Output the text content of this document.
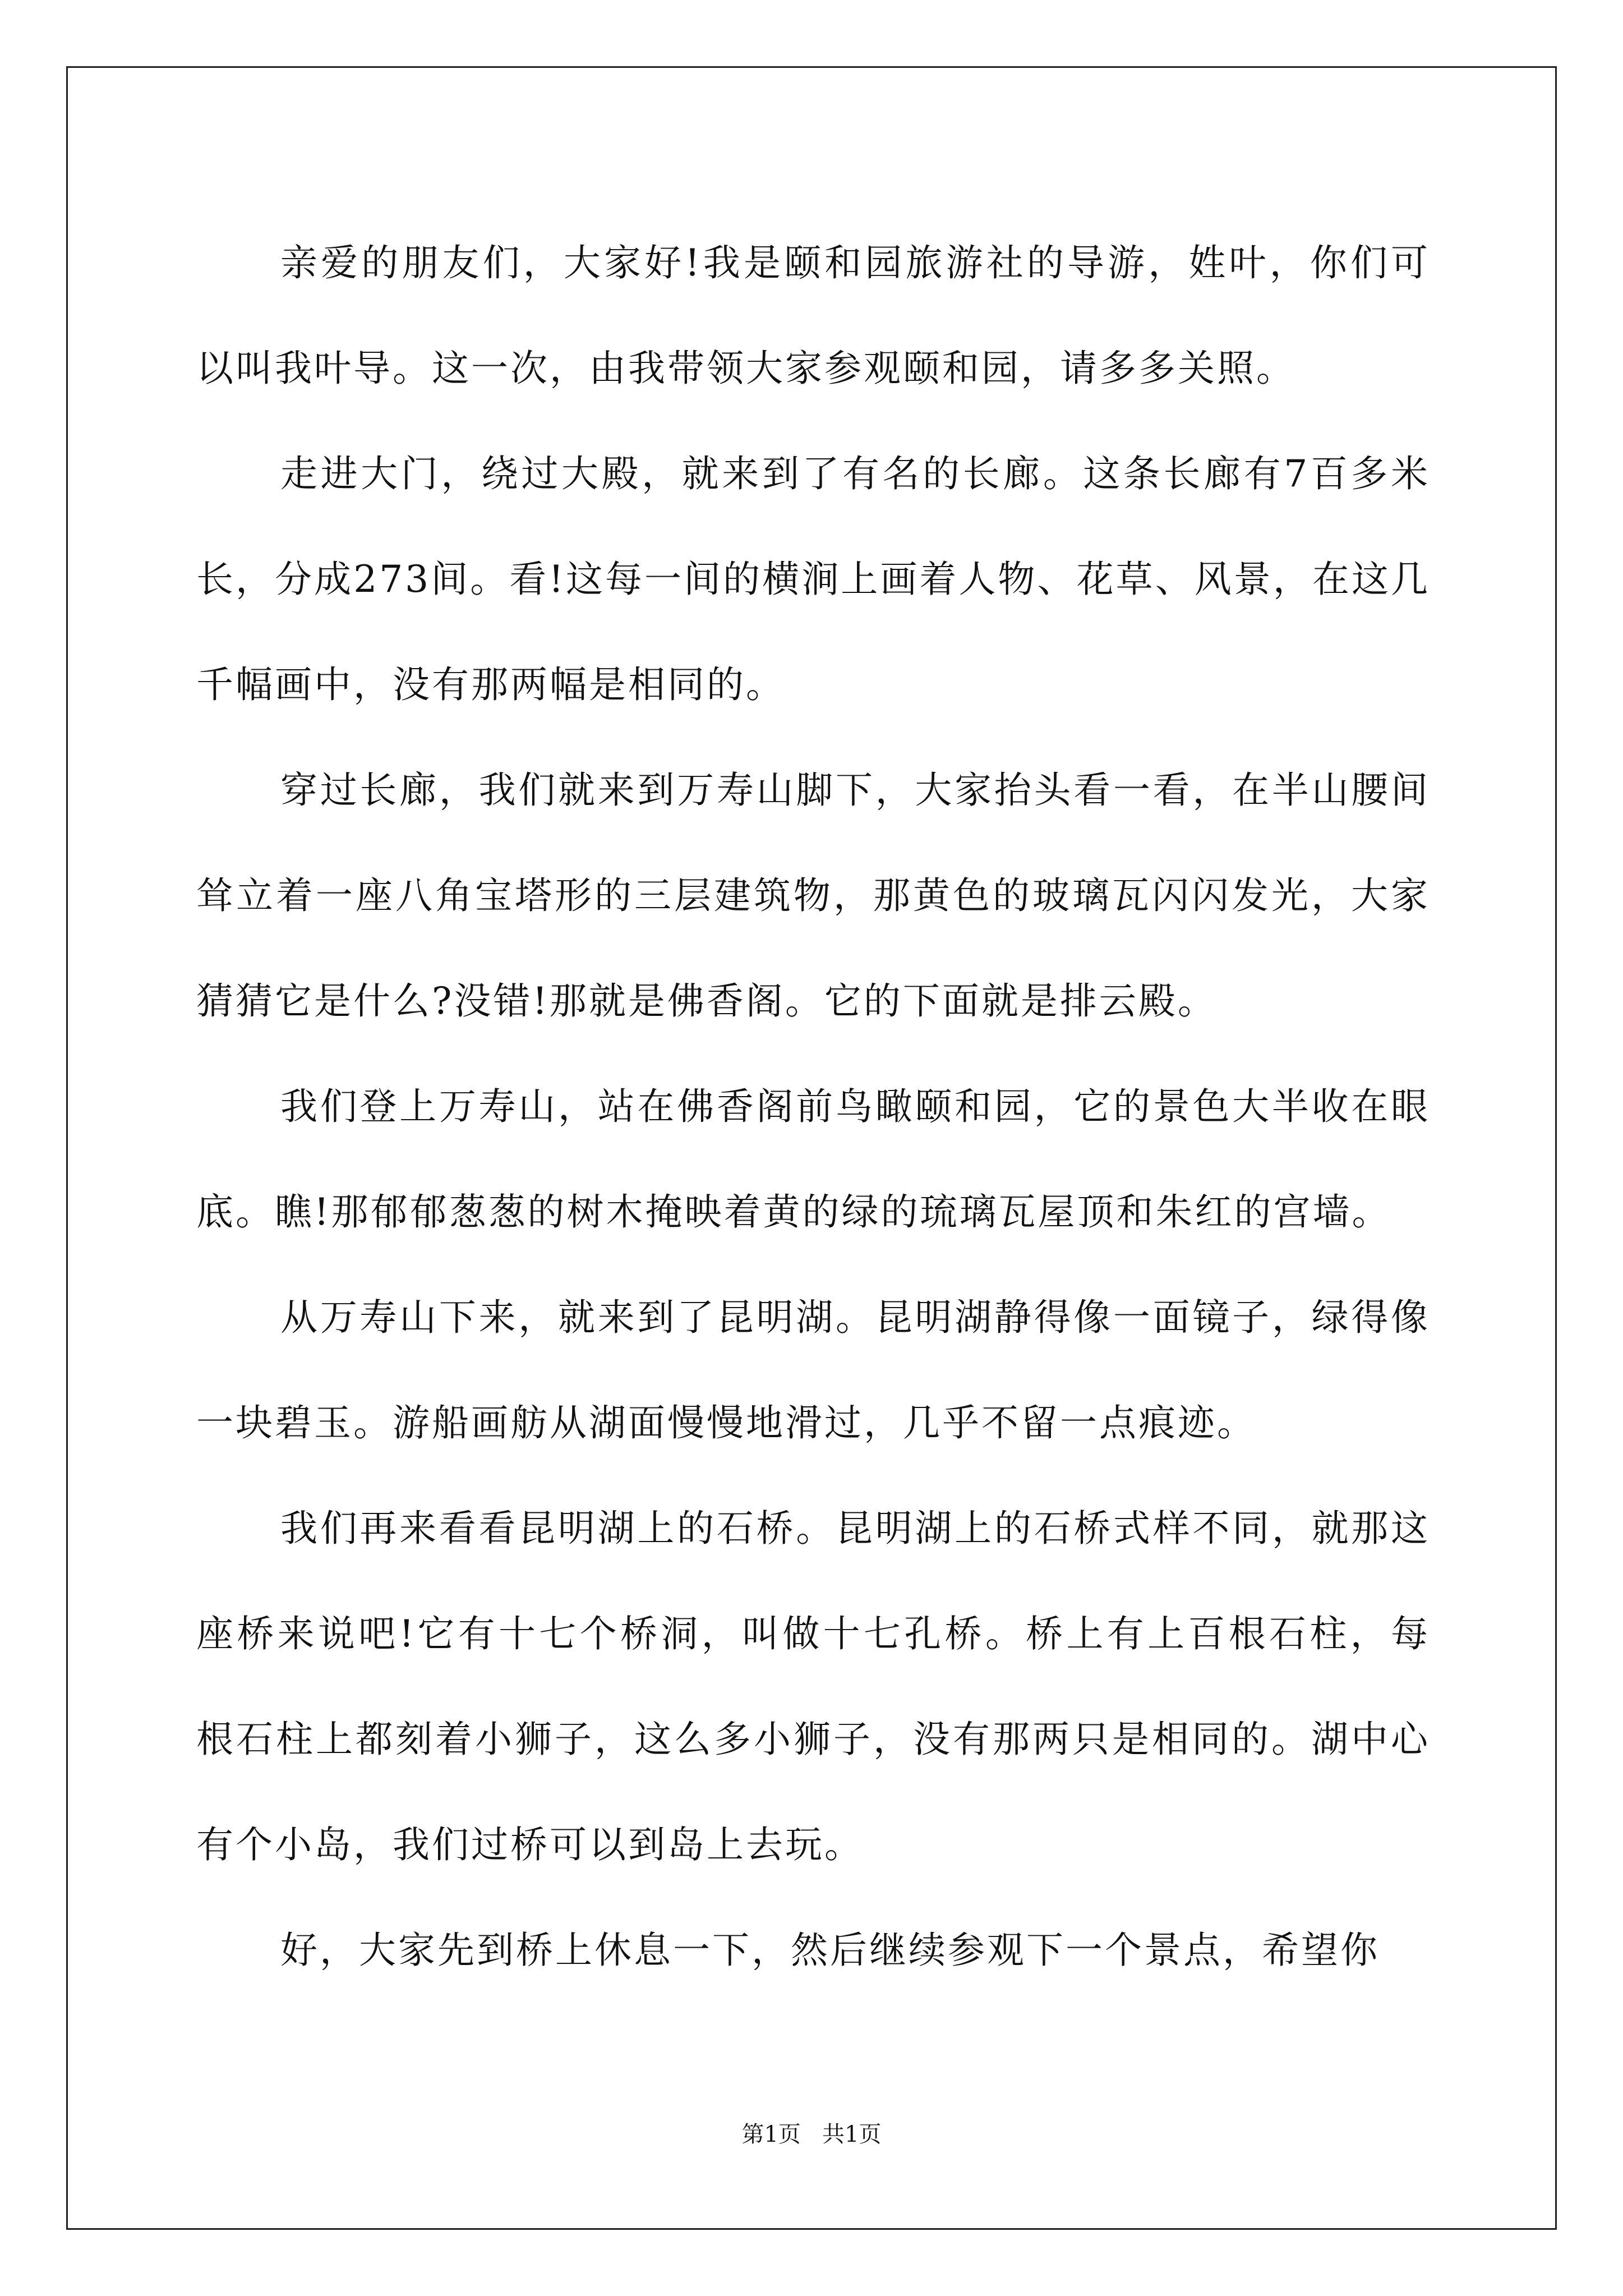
亲爱的朋友们，大家好!我是颐和园旅游社的导游，姓叶，你们可以叫我叶导。这一次，由我带领大家参观颐和园，请多多关照。

走进大门，绕过大殿，就来到了有名的长廊。这条长廊有7百多米长，分成273间。看!这每一间的横涧上画着人物、花草、风景，在这几千幅画中，没有那两幅是相同的。

穿过长廊，我们就来到万寿山脚下，大家抬头看一看，在半山腰间耸立着一座八角宝塔形的三层建筑物，那黄色的玻璃瓦闪闪发光，大家猜猜它是什么?没错!那就是佛香阁。它的下面就是排云殿。

我们登上万寿山，站在佛香阁前鸟瞰颐和园，它的景色大半收在眼底。瞧!那郁郁葱葱的树木掩映着黄的绿的琉璃瓦屋顶和朱红的宫墙。

从万寿山下来，就来到了昆明湖。昆明湖静得像一面镜子，绿得像一块碧玉。游船画舫从湖面慢慢地滑过，几乎不留一点痕迹。

我们再来看看昆明湖上的石桥。昆明湖上的石桥式样不同，就那这座桥来说吧!它有十七个桥洞，叫做十七孔桥。桥上有上百根石柱，每根石柱上都刻着小狮子，这么多小狮子，没有那两只是相同的。湖中心有个小岛，我们过桥可以到岛上去玩。

好，大家先到桥上休息一下，然后继续参观下一个景点，希望你

第1页   共1页
